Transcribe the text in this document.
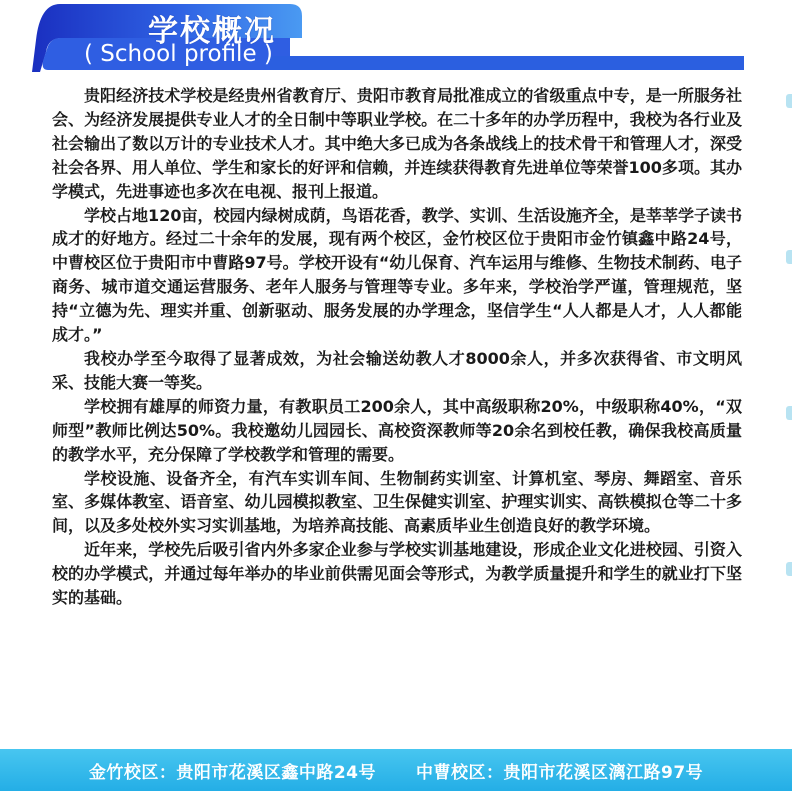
学校概况
( School profile )

贵阳经济技术学校是经贵州省教育厅、贵阳市教育局批准成立的省级重点中专，是一所服务社会、为经济发展提供专业人才的全日制中等职业学校。在二十多年的办学历程中，我校为各行业及社会输出了数以万计的专业技术人才。其中绝大多已成为各条战线上的技术骨干和管理人才，深受社会各界、用人单位、学生和家长的好评和信赖，并连续获得教育先进单位等荣誉100多项。其办学模式，先进事迹也多次在电视、报刊上报道。

学校占地120亩，校园内绿树成荫，鸟语花香，教学、实训、生活设施齐全，是莘莘学子读书成才的好地方。经过二十余年的发展，现有两个校区，金竹校区位于贵阳市金竹镇鑫中路24号，中曹校区位于贵阳市中曹路97号。学校开设有“幼儿保育、汽车运用与维修、生物技术制药、电子商务、城市道交通运营服务、老年人服务与管理等专业。多年来，学校治学严谨，管理规范，坚持“立德为先、理实并重、创新驱动、服务发展的办学理念，坚信学生“人人都是人才，人人都能成才。”

我校办学至今取得了显著成效，为社会输送幼教人才8000余人，并多次获得省、市文明风采、技能大赛一等奖。

学校拥有雄厚的师资力量，有教职员工200余人，其中高级职称20%，中级职称40%，“双师型”教师比例达50%。我校邀幼儿园园长、高校资深教师等20余名到校任教，确保我校高质量的教学水平，充分保障了学校教学和管理的需要。

学校设施、设备齐全，有汽车实训车间、生物制药实训室、计算机室、琴房、舞蹈室、音乐室、多媒体教室、语音室、幼儿园模拟教室、卫生保健实训室、护理实训实、高铁模拟仓等二十多间，以及多处校外实习实训基地，为培养高技能、高素质毕业生创造良好的教学环境。

近年来，学校先后吸引省内外多家企业参与学校实训基地建设，形成企业文化进校园、引资入校的办学模式，并通过每年举办的毕业前供需见面会等形式，为教学质量提升和学生的就业打下坚实的基础。

金竹校区：贵阳市花溪区鑫中路24号 中曹校区：贵阳市花溪区漓江路97号
